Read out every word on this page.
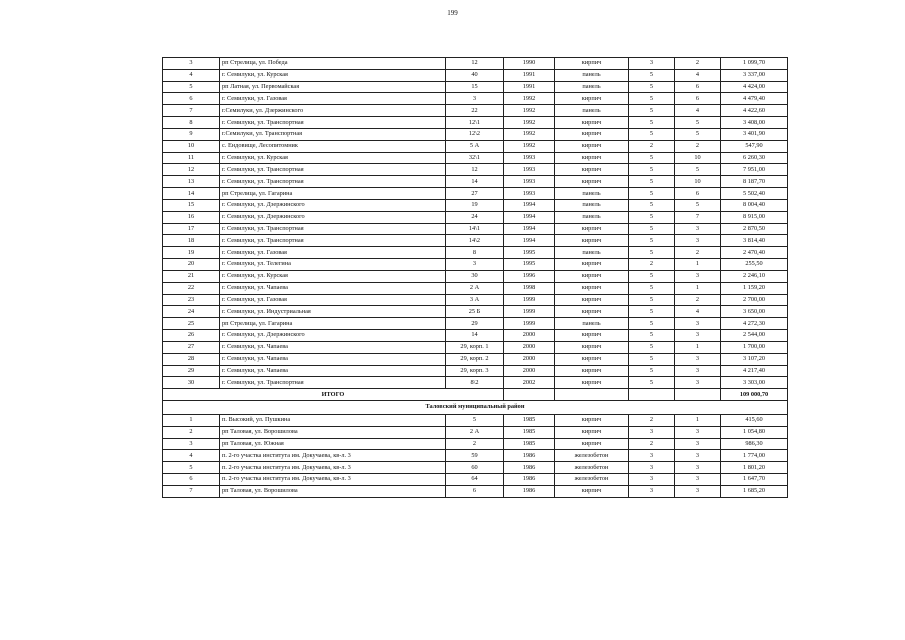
199
3	рп Стрелица, ул. Победа	12	1990	кирпич	3	2	1 099,70
4	г. Семилуки, ул. Курская	40	1991	панель	5	4	3 337,00
5	рп Латная, ул. Первомайская	15	1991	панель	5	6	4 424,00
6	г. Семилуки, ул. Газовая	3	1992	кирпич	5	6	4 479,40
7	г.Семилуки, ул. Дзержинского	22	1992	панель	5	4	4 422,60
8	г. Семилуки, ул. Транспортная	12\1	1992	кирпич	5	5	3 408,00
9	г.Семилуки, ул. Транспортная	12\2	1992	кирпич	5	5	3 401,90
10	с. Ендовище, Лесопитомник	5 А	1992	кирпич	2	2	547,90
11	г. Семилуки, ул. Курская	32\1	1993	кирпич	5	10	6 260,30
12	г. Семилуки, ул. Транспортная	12	1993	кирпич	5	5	7 951,00
13	г. Семилуки, ул. Транспортная	14	1993	кирпич	5	10	8 187,70
14	рп Стрелица, ул. Гагарина	27	1993	панель	5	6	5 502,40
15	г. Семилуки, ул. Дзержинского	19	1994	панель	5	5	8 004,40
16	г. Семилуки, ул. Дзержинского	24	1994	панель	5	7	8 915,00
17	г. Семилуки, ул. Транспортная	14\1	1994	кирпич	5	3	2 870,50
18	г. Семилуки, ул. Транспортная	14\2	1994	кирпич	5	3	3 814,40
19	г. Семилуки, ул. Газовая	8	1995	панель	5	2	2 470,40
20	г. Семилуки, ул. Телегина	3	1995	кирпич	2	1	255,50
21	г. Семилуки, ул. Курская	30	1996	кирпич	5	3	2 246,10
22	г. Семилуки, ул. Чапаева	2 А	1998	кирпич	5	1	1 159,20
23	г. Семилуки, ул. Газовая	3 А	1999	кирпич	5	2	2 700,00
24	г. Семилуки, ул. Индустриальная	25 Б	1999	кирпич	5	4	3 650,00
25	рп Стрелица, ул. Гагарина	29	1999	панель	5	3	4 272,30
26	г. Семилуки, ул. Дзержинского	14	2000	кирпич	5	3	2 544,00
27	г. Семилуки, ул. Чапаева	29, корп. 1	2000	кирпич	5	1	1 700,00
28	г. Семилуки, ул. Чапаева	29, корп. 2	2000	кирпич	5	3	3 107,20
29	г. Семилуки, ул. Чапаева	29, корп. 3	2000	кирпич	5	3	4 217,40
30	г. Семилуки, ул. Транспортная	8\2	2002	кирпич	5	3	3 303,00
ИТОГО							109 000,70
Таловский муниципальный район							
1	п. Высокий, ул. Пушкина	5	1985	кирпич	2	1	415,60
2	рп Таловая, ул. Ворошилова	2 А	1985	кирпич	3	3	1 054,80
3	рп Таловая, ул. Южная	2	1985	кирпич	2	3	986,30
4	п. 2-го участка института им. Докучаева, кв-л. 3	59	1986	железобетон	3	3	1 774,00
5	п. 2-го участка института им. Докучаева, кв-л. 3	60	1986	железобетон	3	3	1 801,20
6	п. 2-го участка института им. Докучаева, кв-л. 3	64	1986	железобетон	3	3	1 647,70
7	рп Таловая, ул. Ворошилова	6	1986	кирпич	3	3	1 685,20
